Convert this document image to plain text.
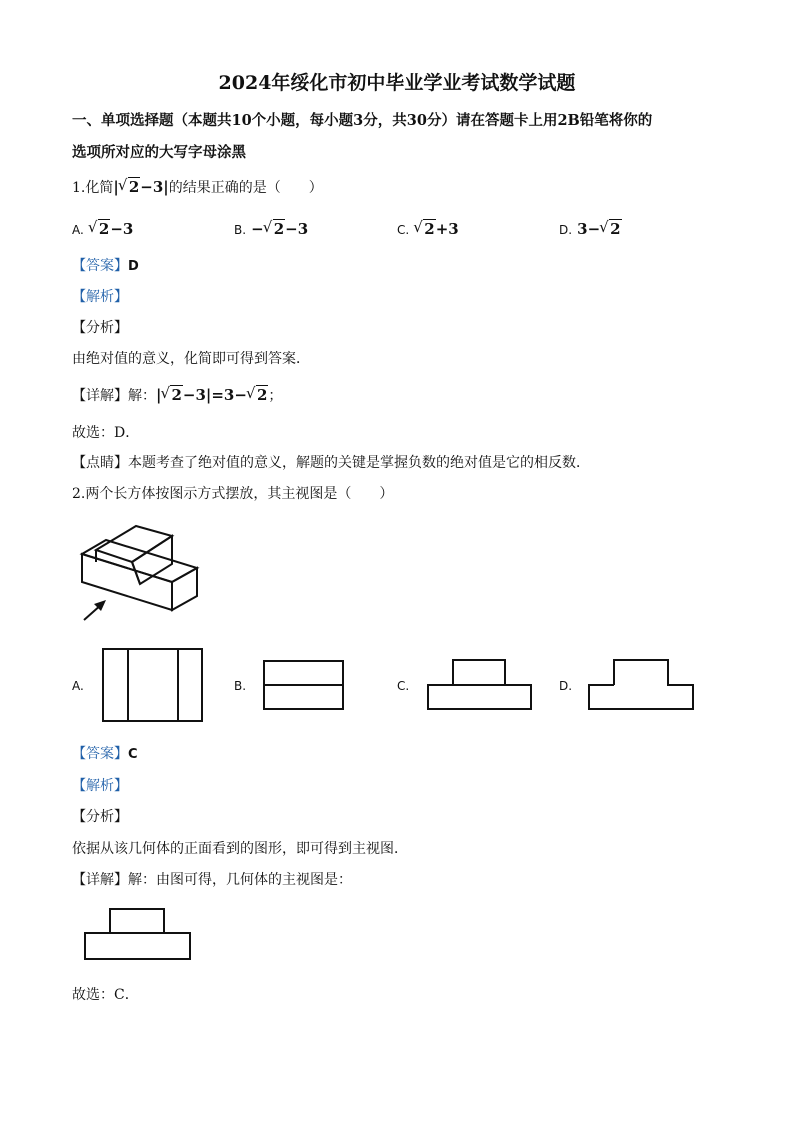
2024年绥化市初中毕业学业考试数学试题
一、单项选择题（本题共10个小题，每小题3分，共30分）请在答题卡上用2B铅笔将你的
选项所对应的大写字母涂黑
1.化简| √ 2−3|的结果正确的是（　　）
A. √ 2−3	B. − √ 2−3	C. √ 2+3	D. 3− √ 2
【答案】D
【解析】
【分析】
由绝对值的意义，化简即可得到答案．
【详解】解：| √ 2−3|=3− √ 2；
故选：D．
【点睛】本题考查了绝对值的意义，解题的关键是掌握负数的绝对值是它的相反数．
2.两个长方体按图示方式摆放，其主视图是（　　）
A.	B.	C.	D.
【答案】C
【解析】
【分析】
依据从该几何体的正面看到的图形，即可得到主视图．
【详解】解：由图可得，几何体的主视图是：
故选：C．
